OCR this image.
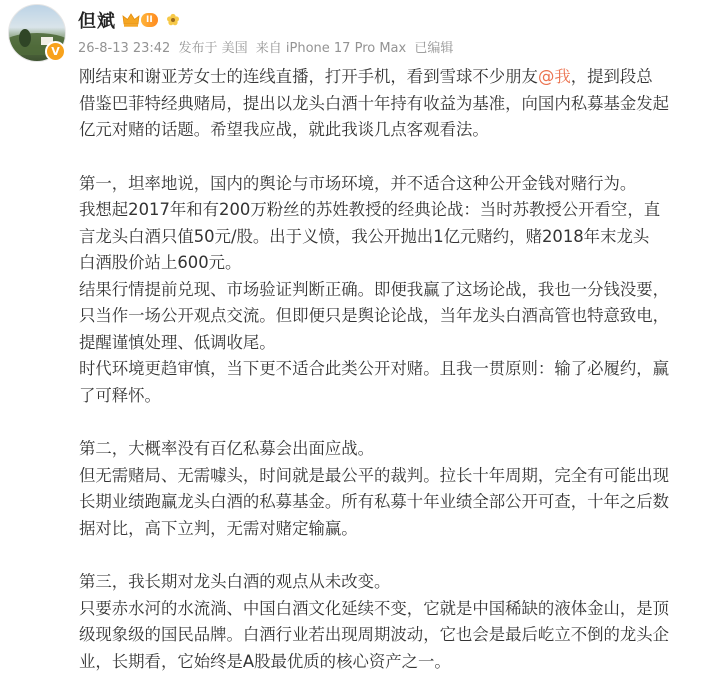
V
但斌	II
26-8-13 23:42 发布于 美国 来自 iPhone 17 Pro Max 已编辑

刚结束和谢亚芳女士的连线直播，打开手机，看到雪球不少朋友@我，提到段总

借鉴巴菲特经典赌局，提出以龙头白酒十年持有收益为基准，向国内私募基金发起

亿元对赌的话题。希望我应战，就此我谈几点客观看法。

第一，坦率地说，国内的舆论与市场环境，并不适合这种公开金钱对赌行为。

我想起2017年和有200万粉丝的苏姓教授的经典论战：当时苏教授公开看空，直

言龙头白酒只值50元/股。出于义愤，我公开抛出1亿元赌约，赌2018年末龙头

白酒股价站上600元。

结果行情提前兑现、市场验证判断正确。即便我赢了这场论战，我也一分钱没要，

只当作一场公开观点交流。但即便只是舆论论战，当年龙头白酒高管也特意致电，

提醒谨慎处理、低调收尾。

时代环境更趋审慎，当下更不适合此类公开对赌。且我一贯原则：输了必履约，赢

了可释怀。

第二，大概率没有百亿私募会出面应战。

但无需赌局、无需噱头，时间就是最公平的裁判。拉长十年周期，完全有可能出现

长期业绩跑赢龙头白酒的私募基金。所有私募十年业绩全部公开可查，十年之后数

据对比，高下立判，无需对赌定输赢。

第三，我长期对龙头白酒的观点从未改变。

只要赤水河的水流淌、中国白酒文化延续不变，它就是中国稀缺的液体金山，是顶

级现象级的国民品牌。白酒行业若出现周期波动，它也会是最后屹立不倒的龙头企

业，长期看，它始终是A股最优质的核心资产之一。
